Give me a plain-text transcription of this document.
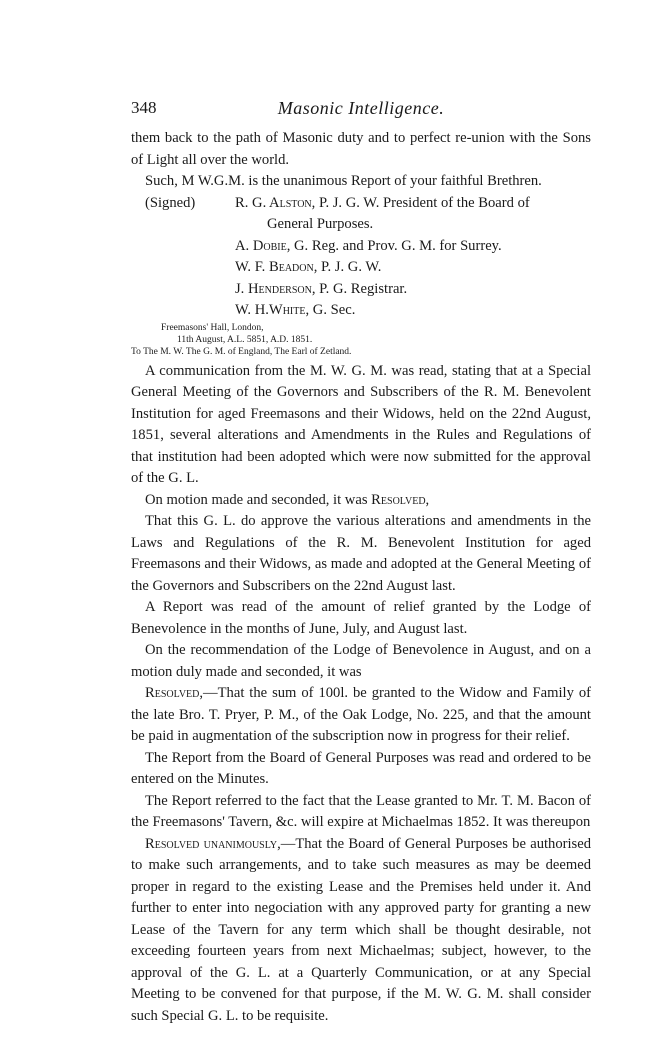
348	Masonic Intelligence.

them back to the path of Masonic duty and to perfect re-union with the Sons of Light all over the world.

Such, M W.G.M. is the unanimous Report of your faithful Brethren.

(Signed)	R. G. Alston, P. J. G. W. President of the Board of
General Purposes.
A. Dobie, G. Reg. and Prov. G. M. for Surrey.
W. F. Beadon, P. J. G. W.
J. Henderson, P. G. Registrar.
W. H.White, G. Sec.
Freemasons' Hall, London,
11th August, A.L. 5851, A.D. 1851.
To The M. W. The G. M. of England, The Earl of Zetland.

A communication from the M. W. G. M. was read, stating that at a Special General Meeting of the Governors and Subscribers of the R. M. Benevolent Institution for aged Freemasons and their Widows, held on the 22nd August, 1851, several alterations and Amendments in the Rules and Regulations of that institution had been adopted which were now submitted for the approval of the G. L.

On motion made and seconded, it was Resolved,

That this G. L. do approve the various alterations and amendments in the Laws and Regulations of the R. M. Benevolent Institution for aged Freemasons and their Widows, as made and adopted at the General Meeting of the Governors and Subscribers on the 22nd August last.

A Report was read of the amount of relief granted by the Lodge of Benevolence in the months of June, July, and August last.

On the recommendation of the Lodge of Benevolence in August, and on a motion duly made and seconded, it was

Resolved,—That the sum of 100l. be granted to the Widow and Family of the late Bro. T. Pryer, P. M., of the Oak Lodge, No. 225, and that the amount be paid in augmentation of the subscription now in progress for their relief.

The Report from the Board of General Purposes was read and ordered to be entered on the Minutes.

The Report referred to the fact that the Lease granted to Mr. T. M. Bacon of the Freemasons' Tavern, &c. will expire at Michaelmas 1852. It was thereupon

Resolved unanimously,—That the Board of General Purposes be authorised to make such arrangements, and to take such measures as may be deemed proper in regard to the existing Lease and the Premises held under it. And further to enter into negociation with any approved party for granting a new Lease of the Tavern for any term which shall be thought desirable, not exceeding fourteen years from next Michaelmas; subject, however, to the approval of the G. L. at a Quarterly Communication, or at any Special Meeting to be convened for that purpose, if the M. W. G. M. shall consider such Special G. L. to be requisite.
